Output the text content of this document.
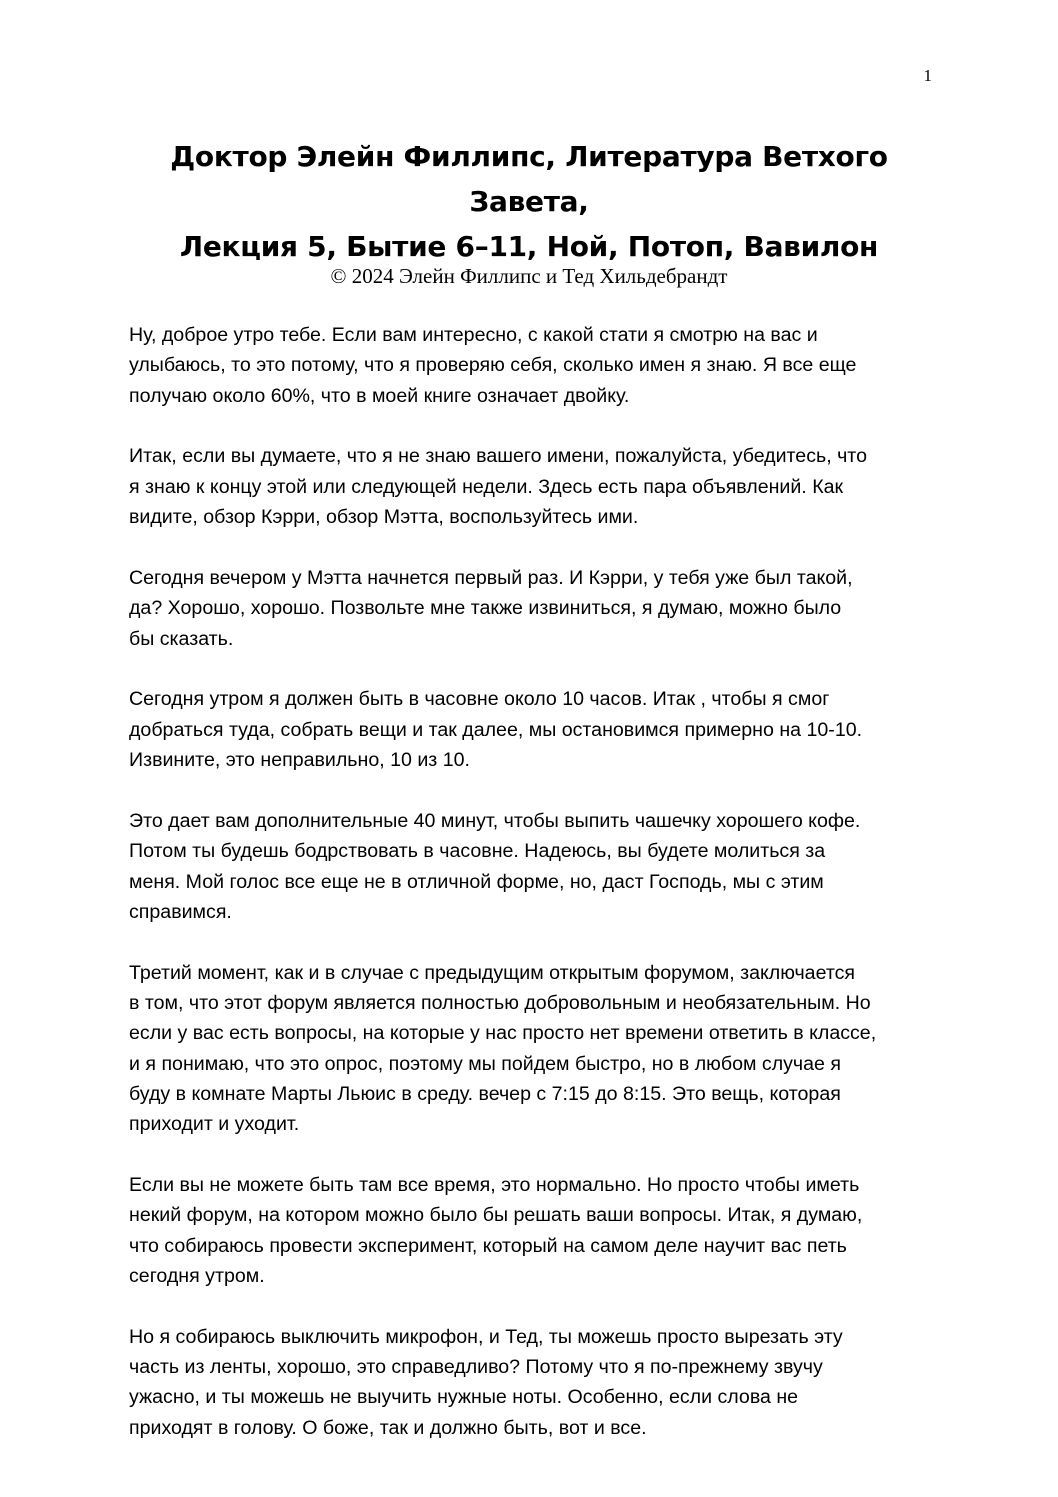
1
Доктор Элейн Филлипс, Литература Ветхого
Завета,
Лекция 5, Бытие 6–11, Ной, Потоп, Вавилон
© 2024 Элейн Филлипс и Тед Хильдебрандт
Ну, доброе утро тебе. Если вам интересно, с какой стати я смотрю на вас и
улыбаюсь, то это потому, что я проверяю себя, сколько имен я знаю. Я все еще
получаю около 60%, что в моей книге означает двойку.
Итак, если вы думаете, что я не знаю вашего имени, пожалуйста, убедитесь, что
я знаю к концу этой или следующей недели. Здесь есть пара объявлений. Как
видите, обзор Кэрри, обзор Мэтта, воспользуйтесь ими.
Сегодня вечером у Мэтта начнется первый раз. И Кэрри, у тебя уже был такой,
да? Хорошо, хорошо. Позвольте мне также извиниться, я думаю, можно было
бы сказать.
Сегодня утром я должен быть в часовне около 10 часов. Итак , чтобы я смог
добраться туда, собрать вещи и так далее, мы остановимся примерно на 10-10.
Извините, это неправильно, 10 из 10.
Это дает вам дополнительные 40 минут, чтобы выпить чашечку хорошего кофе.
Потом ты будешь бодрствовать в часовне. Надеюсь, вы будете молиться за
меня. Мой голос все еще не в отличной форме, но, даст Господь, мы с этим
справимся.
Третий момент, как и в случае с предыдущим открытым форумом, заключается
в том, что этот форум является полностью добровольным и необязательным. Но
если у вас есть вопросы, на которые у нас просто нет времени ответить в классе,
и я понимаю, что это опрос, поэтому мы пойдем быстро, но в любом случае я
буду в комнате Марты Льюис в среду. вечер с 7:15 до 8:15. Это вещь, которая
приходит и уходит.
Если вы не можете быть там все время, это нормально. Но просто чтобы иметь
некий форум, на котором можно было бы решать ваши вопросы. Итак, я думаю,
что собираюсь провести эксперимент, который на самом деле научит вас петь
сегодня утром.
Но я собираюсь выключить микрофон, и Тед, ты можешь просто вырезать эту
часть из ленты, хорошо, это справедливо? Потому что я по-прежнему звучу
ужасно, и ты можешь не выучить нужные ноты. Особенно, если слова не
приходят в голову. О боже, так и должно быть, вот и все.
